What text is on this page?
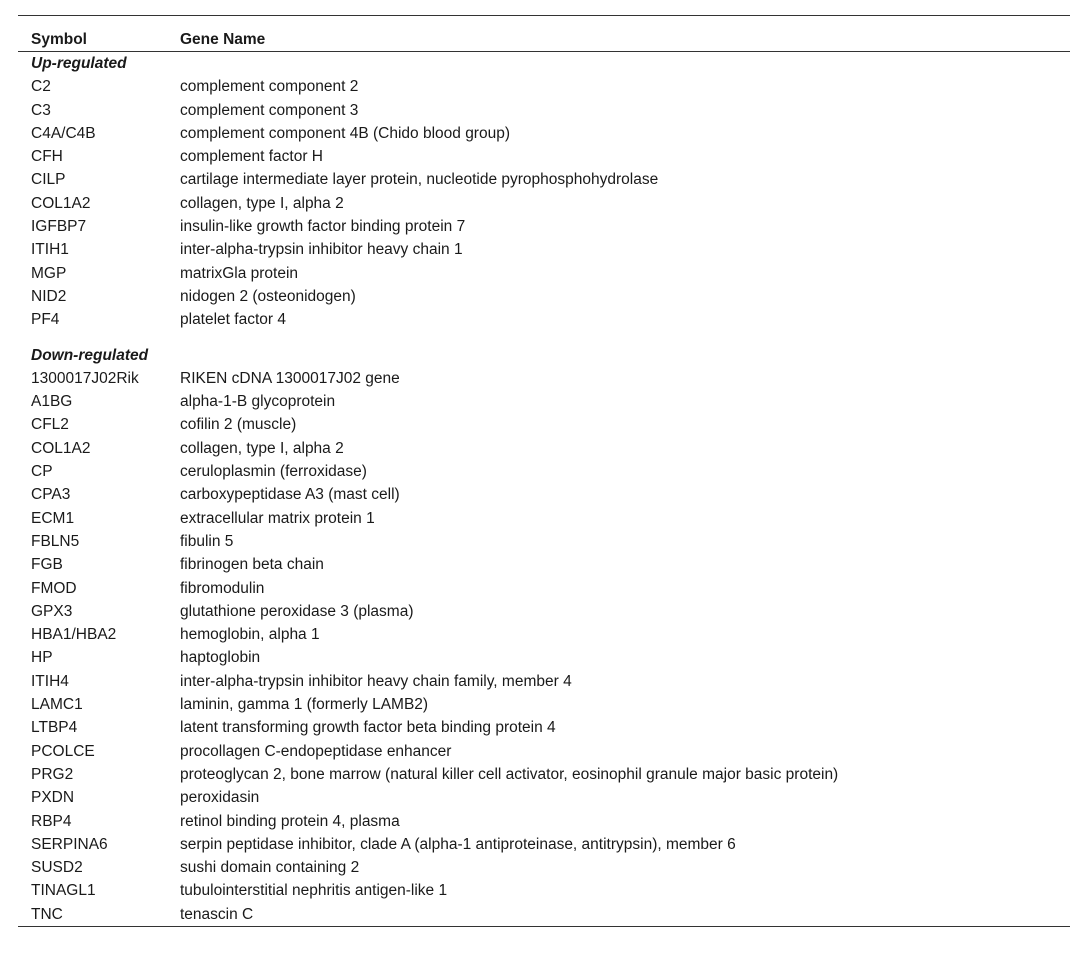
Symbol	Gene Name
Up-regulated
C2	complement component 2
C3	complement component 3
C4A/C4B	complement component 4B (Chido blood group)
CFH	complement factor H
CILP	cartilage intermediate layer protein, nucleotide pyrophosphohydrolase
COL1A2	collagen, type I, alpha 2
IGFBP7	insulin-like growth factor binding protein 7
ITIH1	inter-alpha-trypsin inhibitor heavy chain 1
MGP	matrixGla protein
NID2	nidogen 2 (osteonidogen)
PF4	platelet factor 4
Down-regulated
1300017J02Rik	RIKEN cDNA 1300017J02 gene
A1BG	alpha-1-B glycoprotein
CFL2	cofilin 2 (muscle)
COL1A2	collagen, type I, alpha 2
CP	ceruloplasmin (ferroxidase)
CPA3	carboxypeptidase A3 (mast cell)
ECM1	extracellular matrix protein 1
FBLN5	fibulin 5
FGB	fibrinogen beta chain
FMOD	fibromodulin
GPX3	glutathione peroxidase 3 (plasma)
HBA1/HBA2	hemoglobin, alpha 1
HP	haptoglobin
ITIH4	inter-alpha-trypsin inhibitor heavy chain family, member 4
LAMC1	laminin, gamma 1 (formerly LAMB2)
LTBP4	latent transforming growth factor beta binding protein 4
PCOLCE	procollagen C-endopeptidase enhancer
PRG2	proteoglycan 2, bone marrow (natural killer cell activator, eosinophil granule major basic protein)
PXDN	peroxidasin
RBP4	retinol binding protein 4, plasma
SERPINA6	serpin peptidase inhibitor, clade A (alpha-1 antiproteinase, antitrypsin), member 6
SUSD2	sushi domain containing 2
TINAGL1	tubulointerstitial nephritis antigen-like 1
TNC	tenascin C
